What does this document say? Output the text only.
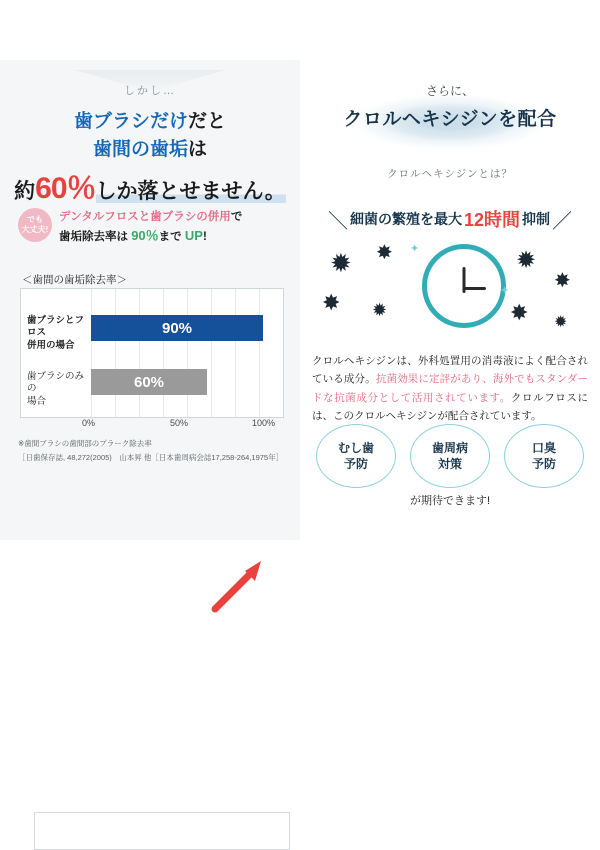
しかし…
歯ブラシだけだと
歯間の歯垢は
約60％しか落とせません。
でも
大丈夫!
デンタルフロスと歯ブラシの併用で
歯垢除去率は 90％まで UP!
＜歯間の歯垢除去率＞
歯ブラシとフロス
併用の場合
90%
歯ブラシのみの
場合
60%
0%	50%	100%
※歯間ブラシの歯間部のプラーク除去率
［日歯保存誌, 48,272(2005)　山本昇 他［日本歯周病会誌17,258-264,1975年］
さらに、
クロルヘキシジンを配合
クロルヘキシジンとは？
＼ 細菌の繁殖を最大 12時間 抑制 ／
✹ ✸
✸ ✹
✹
✸
✸ ✹
✦
✦
クロルヘキシジンは、外科処置用の消毒液によく配合されている成分。抗菌効果に定評があり、海外でもスタンダードな抗菌成分として活用されています。クロルフロスには、このクロルヘキシジンが配合されています。
むし歯
予防
歯周病
対策
口臭
予防
が期待できます!
